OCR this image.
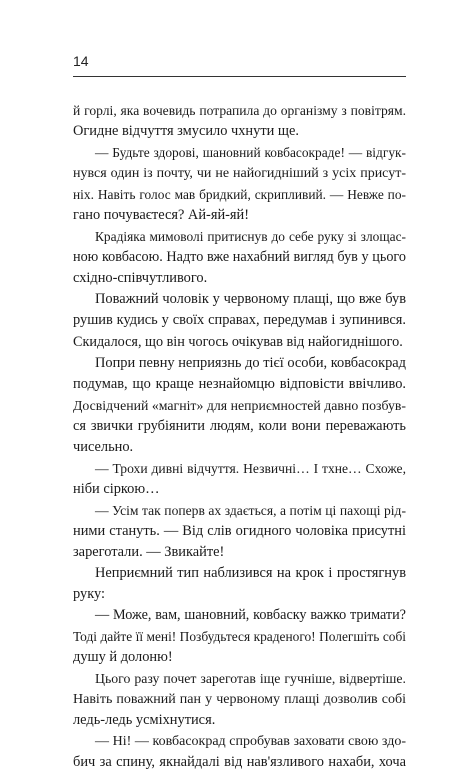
14
й горлі, яка вочевидь потрапила до організму з повітрям.
Огидне відчуття змусило чхнути ще.
— Будьте здорові, шановний ковбасокраде! — відгук-
нувся один із почту, чи не найогиднiший з усіх присут-
ніх. Навіть голос мав бридкий, скрипливий. — Невже по-
гано почуваєтеся? Ай-яй-яй!
Крадіяка мимоволі притиснув до себе руку зі злощас-
ною ковбасою. Надто вже нахабний вигляд був у цього
східно-співчутливого.
Поважний чоловік у червоному плащі, що вже був
рушив кудись у своїх справах, передумав і зупинився.
Скидалося, що він чогось очікував від найогиднішого.
Попри певну неприязнь до тієї особи, ковбасокрад
подумав, що краще незнайомцю відповісти ввічливо.
Досвідчений «магніт» для неприємностей давно позбув-
ся звички грубіянити людям, коли вони переважають
чисельно.
— Трохи дивні відчуття. Незвичні… І тхне… Схоже,
ніби сіркою…
— Усім так поперв ах здається, а потім ці пахощі рід-
ними стануть. — Від слів огидного чоловіка присутні
зареготали. — Звикайте!
Неприємний тип наблизився на крок і простягнув
руку:
— Може, вам, шановний, ковбаску важко тримати?
Тоді дайте її мені! Позбудьтеся краденого! Полегшіть собі
душу й долоню!
Цього разу почет зареготав іще гучніше, відвертіше.
Навіть поважний пан у червоному плащі дозволив собі
ледь-ледь усміхнутися.
— Ні! — ковбасокрад спробував заховати свою здо-
бич за спину, якнайдалі від нав'язливого нахаби, хоча
